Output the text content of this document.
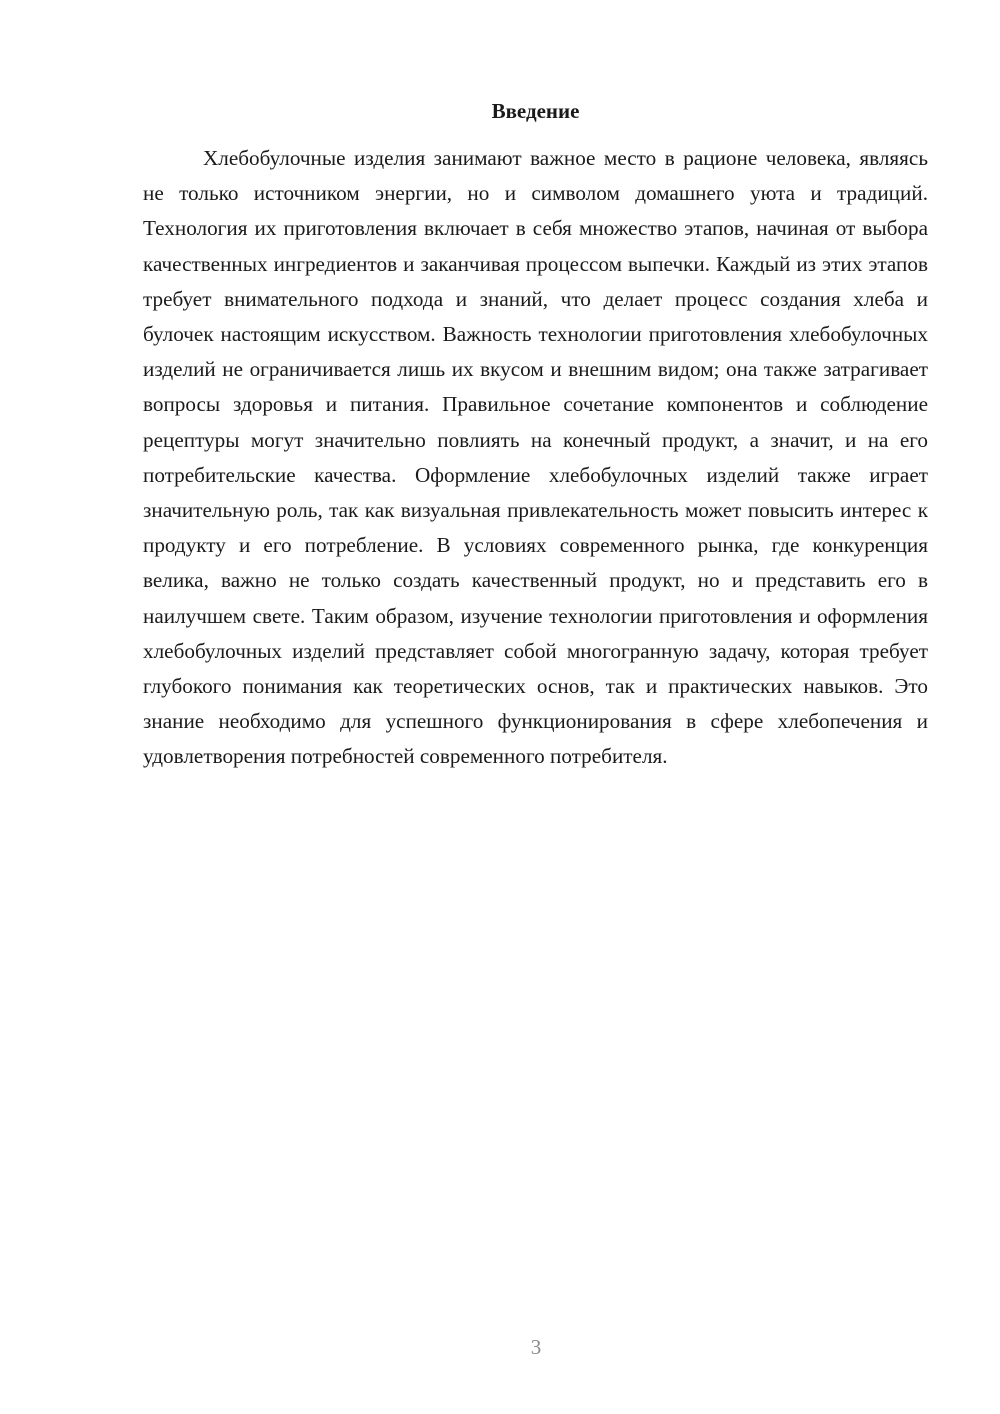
Введение

Хлебобулочные изделия занимают важное место в рационе человека, являясь не только источником энергии, но и символом домашнего уюта и традиций. Технология их приготовления включает в себя множество этапов, начиная от выбора качественных ингредиентов и заканчивая процессом выпечки. Каждый из этих этапов требует внимательного подхода и знаний, что делает процесс создания хлеба и булочек настоящим искусством. Важность технологии приготовления хлебобулочных изделий не ограничивается лишь их вкусом и внешним видом; она также затрагивает вопросы здоровья и питания. Правильное сочетание компонентов и соблюдение рецептуры могут значительно повлиять на конечный продукт, а значит, и на его потребительские качества. Оформление хлебобулочных изделий также играет значительную роль, так как визуальная привлекательность может повысить интерес к продукту и его потребление. В условиях современного рынка, где конкуренция велика, важно не только создать качественный продукт, но и представить его в наилучшем свете. Таким образом, изучение технологии приготовления и оформления хлебобулочных изделий представляет собой многогранную задачу, которая требует глубокого понимания как теоретических основ, так и практических навыков. Это знание необходимо для успешного функционирования в сфере хлебопечения и удовлетворения потребностей современного потребителя.

3
